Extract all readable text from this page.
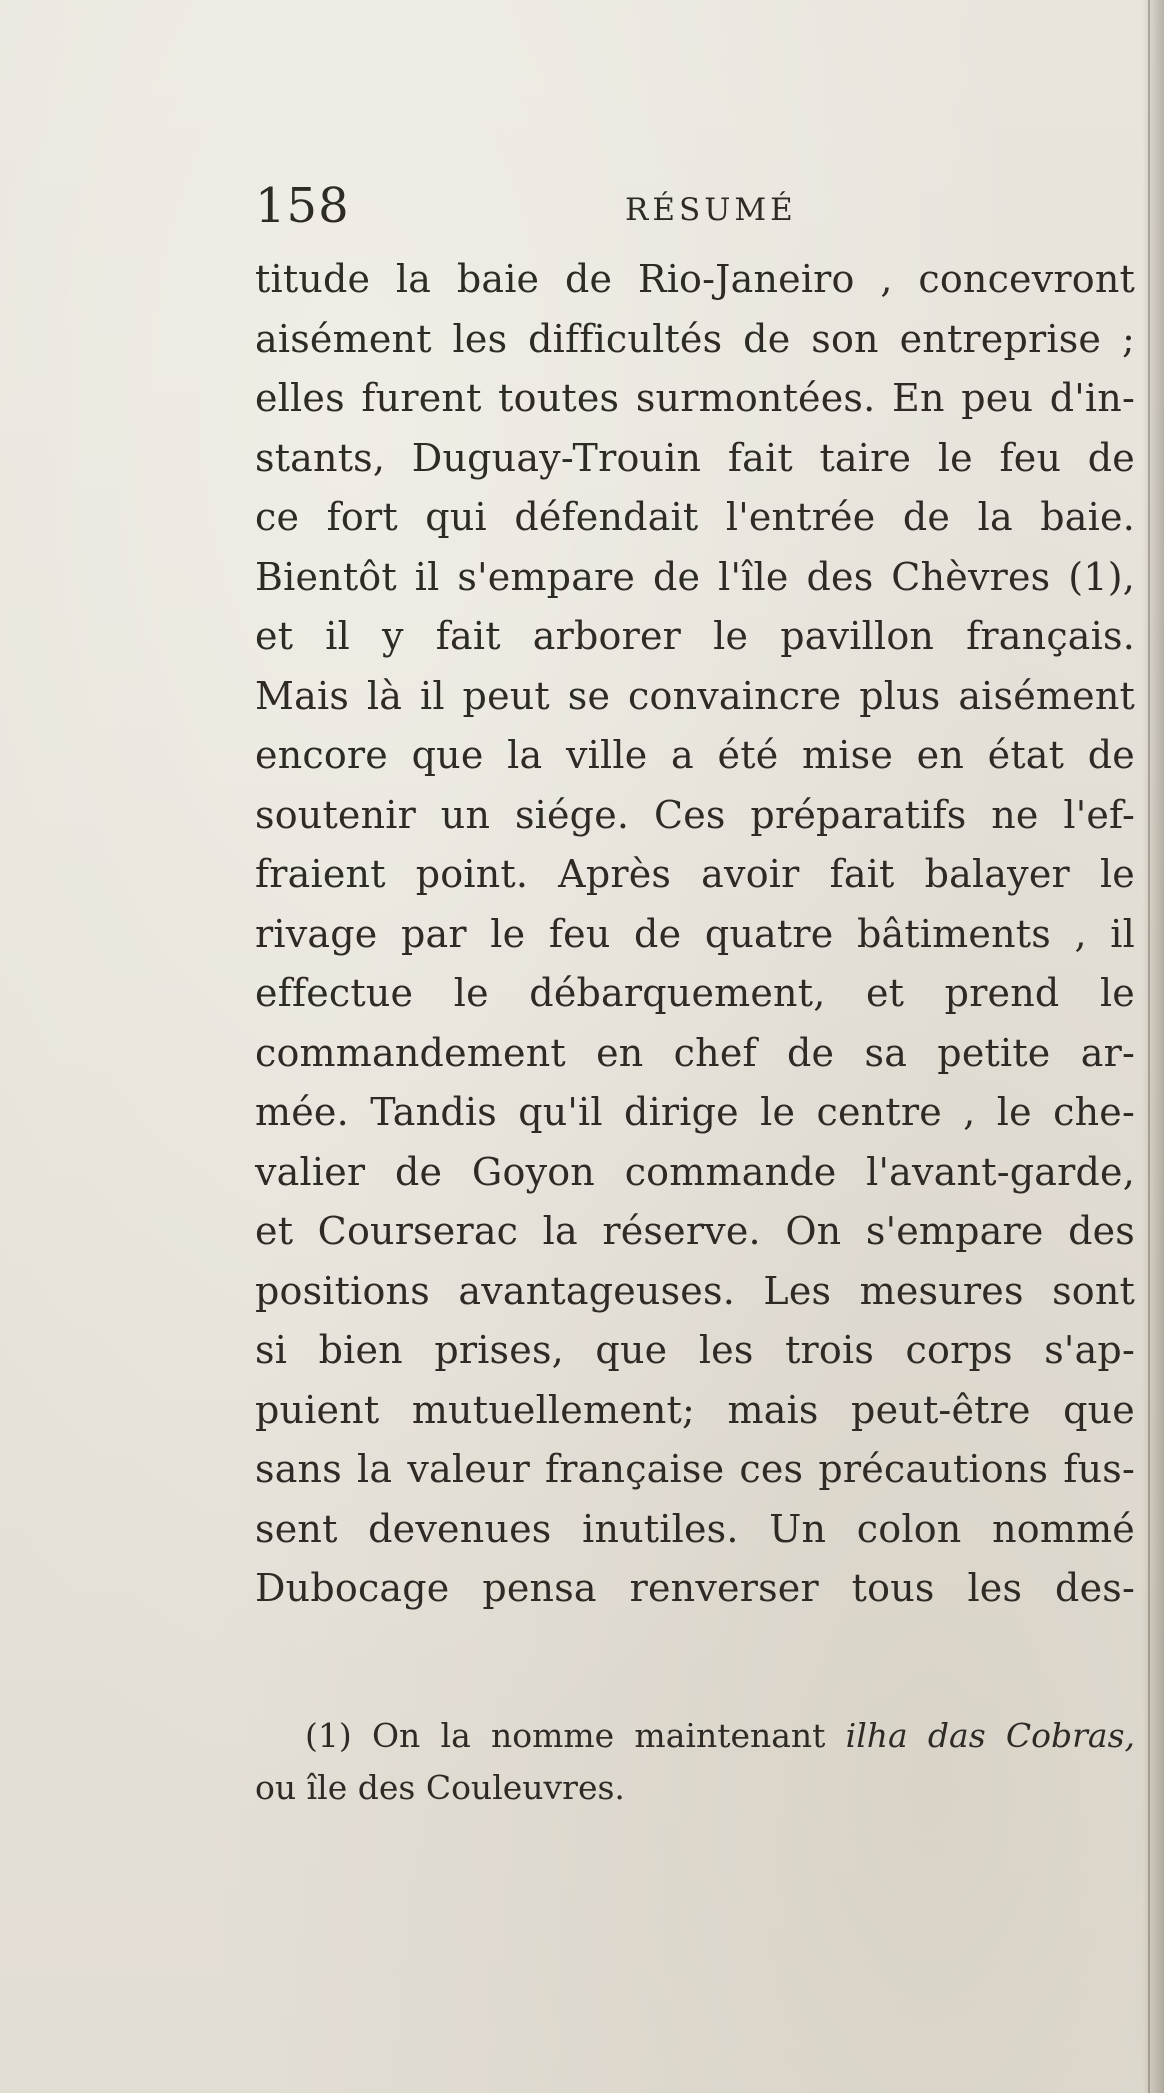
158	RÉSUMÉ
titude la baie de Rio-Janeiro , concevront
aisément les difficultés de son entreprise ;
elles furent toutes surmontées. En peu d'in-
stants, Duguay-Trouin fait taire le feu de
ce fort qui défendait l'entrée de la baie.
Bientôt il s'empare de l'île des Chèvres (1),
et il y fait arborer le pavillon français.
Mais là il peut se convaincre plus aisément
encore que la ville a été mise en état de
soutenir un siége. Ces préparatifs ne l'ef-
fraient point. Après avoir fait balayer le
rivage par le feu de quatre bâtiments , il
effectue le débarquement, et prend le
commandement en chef de sa petite ar-
mée. Tandis qu'il dirige le centre , le che-
valier de Goyon commande l'avant-garde,
et Courserac la réserve. On s'empare des
positions avantageuses. Les mesures sont
si bien prises, que les trois corps s'ap-
puient mutuellement; mais peut-être que
sans la valeur française ces précautions fus-
sent devenues inutiles. Un colon nommé
Dubocage pensa renverser tous les des-
(1) On la nomme maintenant ilha das Cobras,
ou île des Couleuvres.
